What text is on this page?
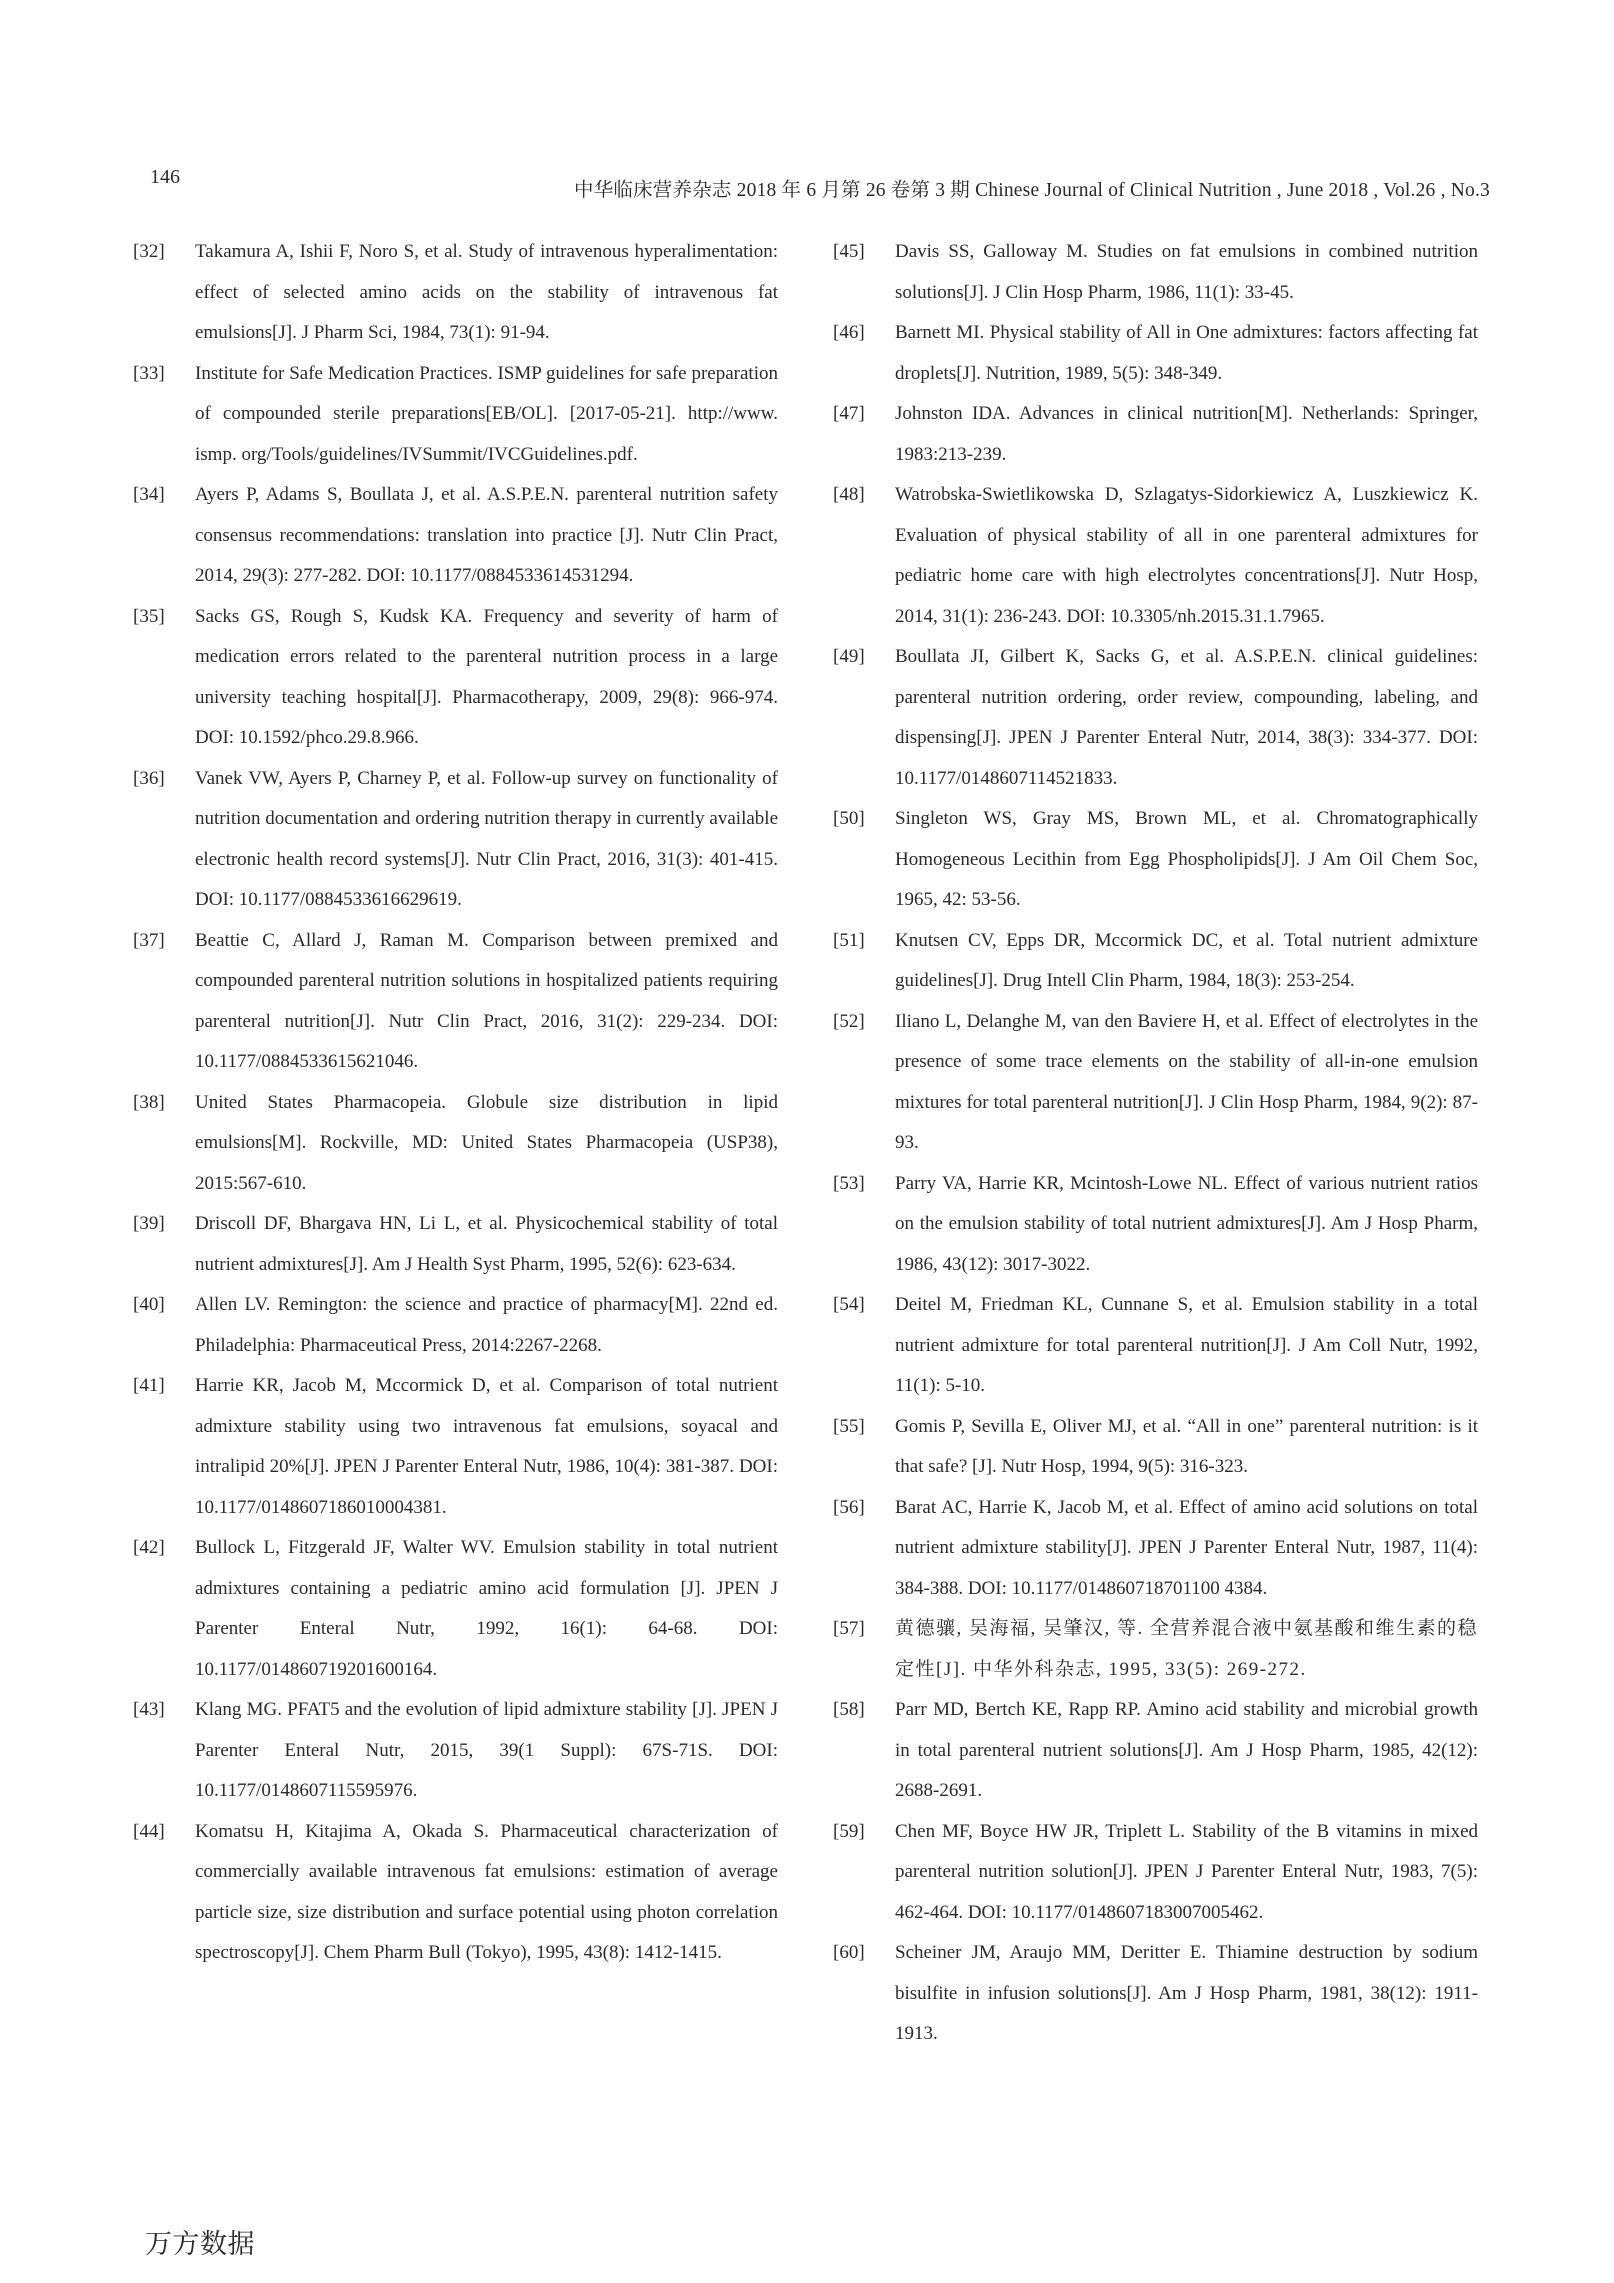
146
中华临床营养杂志 2018 年 6 月第 26 卷第 3 期 Chinese Journal of Clinical Nutrition , June 2018 , Vol.26 , No.3
[32]	Takamura A, Ishii F, Noro S, et al. Study of intravenous hyperalimentation: effect of selected amino acids on the stability of intravenous fat emulsions[J]. J Pharm Sci, 1984, 73(1): 91-94.
[33]	Institute for Safe Medication Practices. ISMP guidelines for safe preparation of compounded sterile preparations[EB/OL]. [2017-05-21]. http://www. ismp. org/Tools/guidelines/IVSummit/IVCGuidelines.pdf.
[34]	Ayers P, Adams S, Boullata J, et al. A.S.P.E.N. parenteral nutrition safety consensus recommendations: translation into practice [J]. Nutr Clin Pract, 2014, 29(3): 277-282. DOI: 10.1177/0884533614531294.
[35]	Sacks GS, Rough S, Kudsk KA. Frequency and severity of harm of medication errors related to the parenteral nutrition process in a large university teaching hospital[J]. Pharmacotherapy, 2009, 29(8): 966-974. DOI: 10.1592/phco.29.8.966.
[36]	Vanek VW, Ayers P, Charney P, et al. Follow-up survey on functionality of nutrition documentation and ordering nutrition therapy in currently available electronic health record systems[J]. Nutr Clin Pract, 2016, 31(3): 401-415. DOI: 10.1177/0884533616629619.
[37]	Beattie C, Allard J, Raman M. Comparison between premixed and compounded parenteral nutrition solutions in hospitalized patients requiring parenteral nutrition[J]. Nutr Clin Pract, 2016, 31(2): 229-234. DOI: 10.1177/0884533615621046.
[38]	United States Pharmacopeia. Globule size distribution in lipid emulsions[M]. Rockville, MD: United States Pharmacopeia (USP38), 2015:567-610.
[39]	Driscoll DF, Bhargava HN, Li L, et al. Physicochemical stability of total nutrient admixtures[J]. Am J Health Syst Pharm, 1995, 52(6): 623-634.
[40]	Allen LV. Remington: the science and practice of pharmacy[M]. 22nd ed. Philadelphia: Pharmaceutical Press, 2014:2267-2268.
[41]	Harrie KR, Jacob M, Mccormick D, et al. Comparison of total nutrient admixture stability using two intravenous fat emulsions, soyacal and intralipid 20%[J]. JPEN J Parenter Enteral Nutr, 1986, 10(4): 381-387. DOI: 10.1177/0148607186010004381.
[42]	Bullock L, Fitzgerald JF, Walter WV. Emulsion stability in total nutrient admixtures containing a pediatric amino acid formulation [J]. JPEN J Parenter Enteral Nutr, 1992, 16(1): 64-68. DOI: 10.1177/014860719201600164.
[43]	Klang MG. PFAT5 and the evolution of lipid admixture stability [J]. JPEN J Parenter Enteral Nutr, 2015, 39(1 Suppl): 67S-71S. DOI: 10.1177/0148607115595976.
[44]	Komatsu H, Kitajima A, Okada S. Pharmaceutical characterization of commercially available intravenous fat emulsions: estimation of average particle size, size distribution and surface potential using photon correlation spectroscopy[J]. Chem Pharm Bull (Tokyo), 1995, 43(8): 1412-1415.
[45]	Davis SS, Galloway M. Studies on fat emulsions in combined nutrition solutions[J]. J Clin Hosp Pharm, 1986, 11(1): 33-45.
[46]	Barnett MI. Physical stability of All in One admixtures: factors affecting fat droplets[J]. Nutrition, 1989, 5(5): 348-349.
[47]	Johnston IDA. Advances in clinical nutrition[M]. Netherlands: Springer, 1983:213-239.
[48]	Watrobska-Swietlikowska D, Szlagatys-Sidorkiewicz A, Luszkiewicz K. Evaluation of physical stability of all in one parenteral admixtures for pediatric home care with high electrolytes concentrations[J]. Nutr Hosp, 2014, 31(1): 236-243. DOI: 10.3305/nh.2015.31.1.7965.
[49]	Boullata JI, Gilbert K, Sacks G, et al. A.S.P.E.N. clinical guidelines: parenteral nutrition ordering, order review, compounding, labeling, and dispensing[J]. JPEN J Parenter Enteral Nutr, 2014, 38(3): 334-377. DOI: 10.1177/0148607114521833.
[50]	Singleton WS, Gray MS, Brown ML, et al. Chromatographically Homogeneous Lecithin from Egg Phospholipids[J]. J Am Oil Chem Soc, 1965, 42: 53-56.
[51]	Knutsen CV, Epps DR, Mccormick DC, et al. Total nutrient admixture guidelines[J]. Drug Intell Clin Pharm, 1984, 18(3): 253-254.
[52]	Iliano L, Delanghe M, van den Baviere H, et al. Effect of electrolytes in the presence of some trace elements on the stability of all-in-one emulsion mixtures for total parenteral nutrition[J]. J Clin Hosp Pharm, 1984, 9(2): 87-93.
[53]	Parry VA, Harrie KR, Mcintosh-Lowe NL. Effect of various nutrient ratios on the emulsion stability of total nutrient admixtures[J]. Am J Hosp Pharm, 1986, 43(12): 3017-3022.
[54]	Deitel M, Friedman KL, Cunnane S, et al. Emulsion stability in a total nutrient admixture for total parenteral nutrition[J]. J Am Coll Nutr, 1992, 11(1): 5-10.
[55]	Gomis P, Sevilla E, Oliver MJ, et al. “All in one” parenteral nutrition: is it that safe? [J]. Nutr Hosp, 1994, 9(5): 316-323.
[56]	Barat AC, Harrie K, Jacob M, et al. Effect of amino acid solutions on total nutrient admixture stability[J]. JPEN J Parenter Enteral Nutr, 1987, 11(4): 384-388. DOI: 10.1177/014860718701100 4384.
[57]	黄德骧, 吴海福, 吴肇汉, 等. 全营养混合液中氨基酸和维生素的稳定性[J]. 中华外科杂志, 1995, 33(5): 269-272.
[58]	Parr MD, Bertch KE, Rapp RP. Amino acid stability and microbial growth in total parenteral nutrient solutions[J]. Am J Hosp Pharm, 1985, 42(12): 2688-2691.
[59]	Chen MF, Boyce HW JR, Triplett L. Stability of the B vitamins in mixed parenteral nutrition solution[J]. JPEN J Parenter Enteral Nutr, 1983, 7(5): 462-464. DOI: 10.1177/0148607183007005462.
[60]	Scheiner JM, Araujo MM, Deritter E. Thiamine destruction by sodium bisulfite in infusion solutions[J]. Am J Hosp Pharm, 1981, 38(12): 1911-1913.
万方数据
